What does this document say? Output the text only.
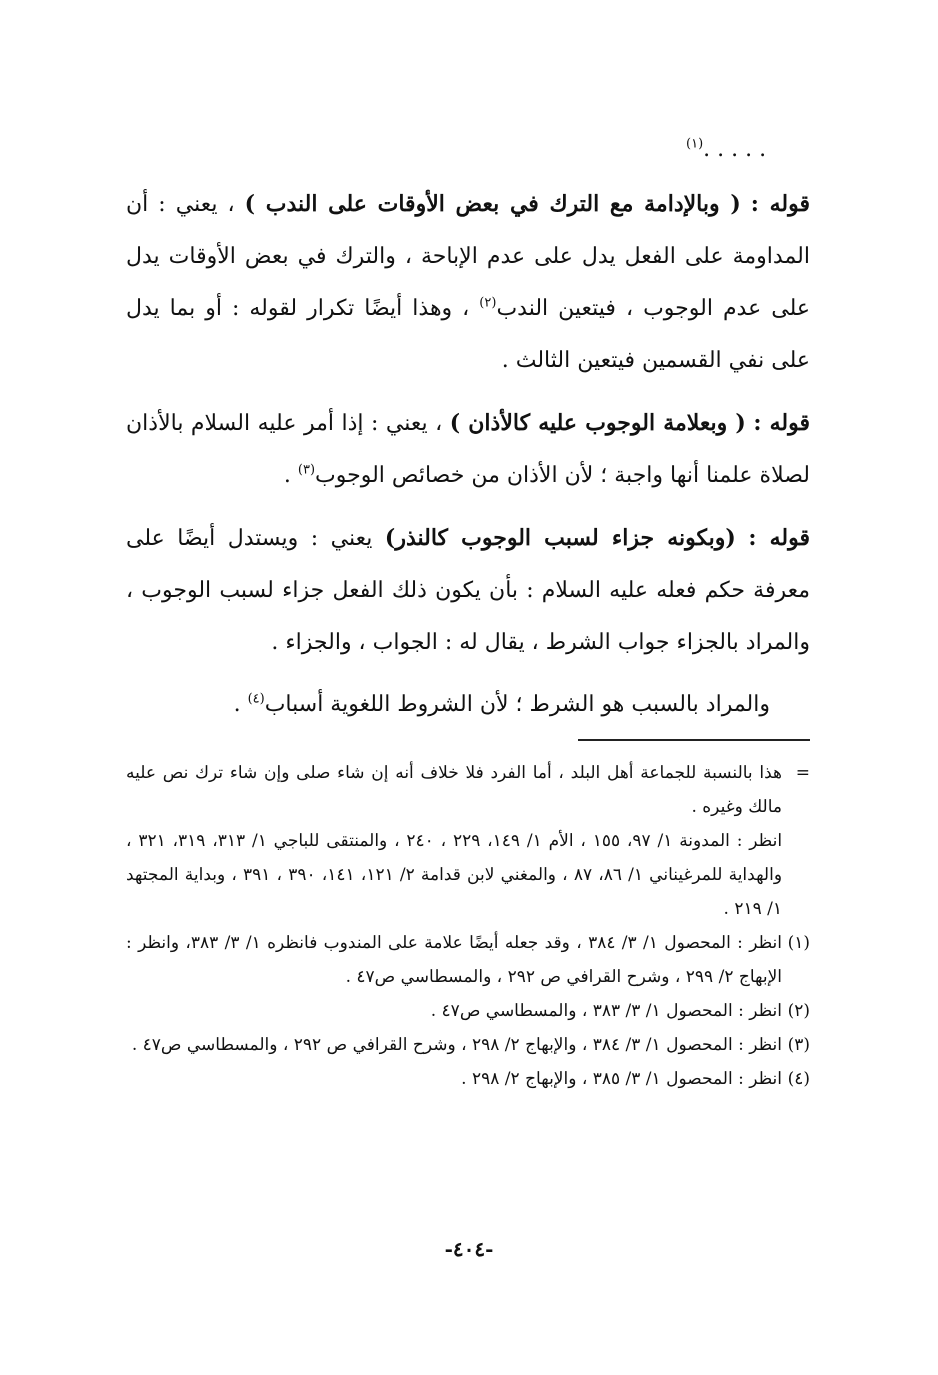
. . . . .$^{(١)}$

قوله : ( وبالإدامة مع الترك في بعض الأوقات على الندب ) ، يعني : أن المداومة على الفعل يدل على عدم الإباحة ، والترك في بعض الأوقات يدل على عدم الوجوب ، فيتعين الندب$^{(٢)}$ ، وهذا أيضًا تكرار لقوله : أو بما يدل على نفي القسمين فيتعين الثالث .

قوله : ( وبعلامة الوجوب عليه كالأذان ) ، يعني : إذا أمر عليه السلام بالأذان لصلاة علمنا أنها واجبة ؛ لأن الأذان من خصائص الوجوب$^{(٣)}$ .

قوله : (وبكونه جزاء لسبب الوجوب كالنذر) يعني : ويستدل أيضًا على معرفة حكم فعله عليه السلام : بأن يكون ذلك الفعل جزاء لسبب الوجوب ، والمراد بالجزاء جواب الشرط ، يقال له : الجواب ، والجزاء .

والمراد بالسبب هو الشرط ؛ لأن الشروط اللغوية أسباب$^{(٤)}$ .

=
هذا بالنسبة للجماعة أهل البلد ، أما الفرد فلا خلاف أنه إن شاء صلى وإن شاء ترك نص عليه مالك وغيره .
انظر : المدونة ١/ ٩٧، ١٥٥ ، الأم ١/ ١٤٩، ٢٢٩ ، ٢٤٠ ، والمنتقى للباجي ١/ ٣١٣، ٣١٩، ٣٢١ ، والهداية للمرغيناني ١/ ٨٦، ٨٧ ، والمغني لابن قدامة ٢/ ١٢١، ١٤١، ٣٩٠ ، ٣٩١ ، وبداية المجتهد ١/ ٢١٩ .
(١)
انظر : المحصول ١/ ٣/ ٣٨٤ ، وقد جعله أيضًا علامة على المندوب فانظره ١/ ٣/ ٣٨٣، وانظر : الإبهاج ٢/ ٢٩٩ ، وشرح القرافي ص ٢٩٢ ، والمسطاسي ص٤٧ .
(٢)
انظر : المحصول ١/ ٣/ ٣٨٣ ، والمسطاسي ص٤٧ .
(٣)
انظر : المحصول ١/ ٣/ ٣٨٤ ، والإبهاج ٢/ ٢٩٨ ، وشرح القرافي ص ٢٩٢ ، والمسطاسي ص٤٧ .
(٤)
انظر : المحصول ١/ ٣/ ٣٨٥ ، والإبهاج ٢/ ٢٩٨ .
-٤٠٤-
